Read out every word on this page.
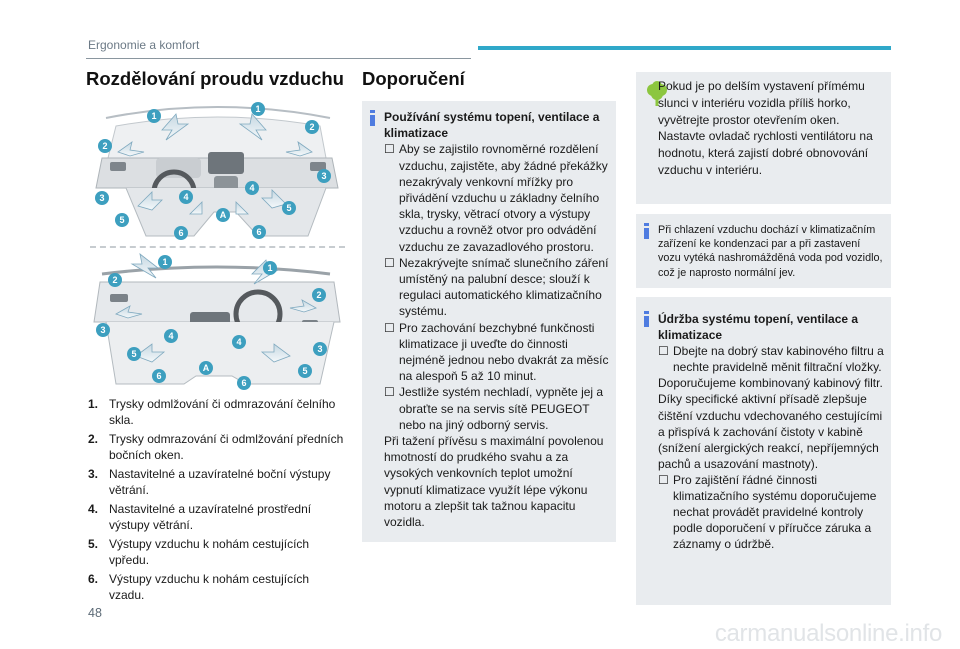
Ergonomie a komfort
Rozdělování proudu vzduchu
1
1
2
2
3
3
4
4
5
5
6	6
A
1
1
2
2
3
3
4
4
5
5
6
6
A
1. Trysky odmlžování či odmrazování čelního skla.
2. Trysky odmrazování či odmlžování předních bočních oken.
3. Nastavitelné a uzavíratelné boční výstupy větrání.
4. Nastavitelné a uzavíratelné prostřední výstupy větrání.
5. Výstupy vzduchu k nohám cestujících vpředu.
6. Výstupy vzduchu k nohám cestujících vzadu.
Doporučení
Používání systému topení, ventilace a klimatizace
☐ Aby se zajistilo rovnoměrné rozdělení vzduchu, zajistěte, aby žádné překážky nezakrývaly venkovní mřížky pro přivádění vzduchu u základny čelního skla, trysky, větrací otvory a výstupy vzduchu a rovněž otvor pro odvádění vzduchu ze zavazadlového prostoru.
☐ Nezakrývejte snímač slunečního záření umístěný na palubní desce; slouží k regulaci automatického klimatizačního systému.
☐ Pro zachování bezchybné funkčnosti klimatizace ji uveďte do činnosti nejméně jednou nebo dvakrát za měsíc na alespoň 5 až 10 minut.
☐ Jestliže systém nechladí, vypněte jej a obraťte se na servis sítě PEUGEOT nebo na jiný odborný servis.
Při tažení přívěsu s maximální povolenou hmotností do prudkého svahu a za vysokých venkovních teplot umožní vypnutí klimatizace využít lépe výkonu motoru a zlepšit tak tažnou kapacitu vozidla.
Pokud je po delším vystavení přímému slunci v interiéru vozidla příliš horko, vyvětrejte prostor otevřením oken. Nastavte ovladač rychlosti ventilátoru na hodnotu, která zajistí dobré obnovování vzduchu v interiéru.
Při chlazení vzduchu dochází v klimatizačním zařízení ke kondenzaci par a při zastavení vozu vytéká nashromážděná voda pod vozidlo, což je naprosto normální jev.
Údržba systému topení, ventilace a klimatizace
☐ Dbejte na dobrý stav kabinového filtru a nechte pravidelně měnit filtrační vložky.
Doporučujeme kombinovaný kabinový filtr. Díky specifické aktivní přísadě zlepšuje čištění vzduchu vdechovaného cestujícími a přispívá k zachování čistoty v kabině (snížení alergických reakcí, nepříjemných pachů a usazování mastnoty).
☐ Pro zajištění řádné činnosti klimatizačního systému doporučujeme nechat provádět pravidelné kontroly podle doporučení v příručce záruka a záznamy o údržbě.
48
carmanualsonline.info
